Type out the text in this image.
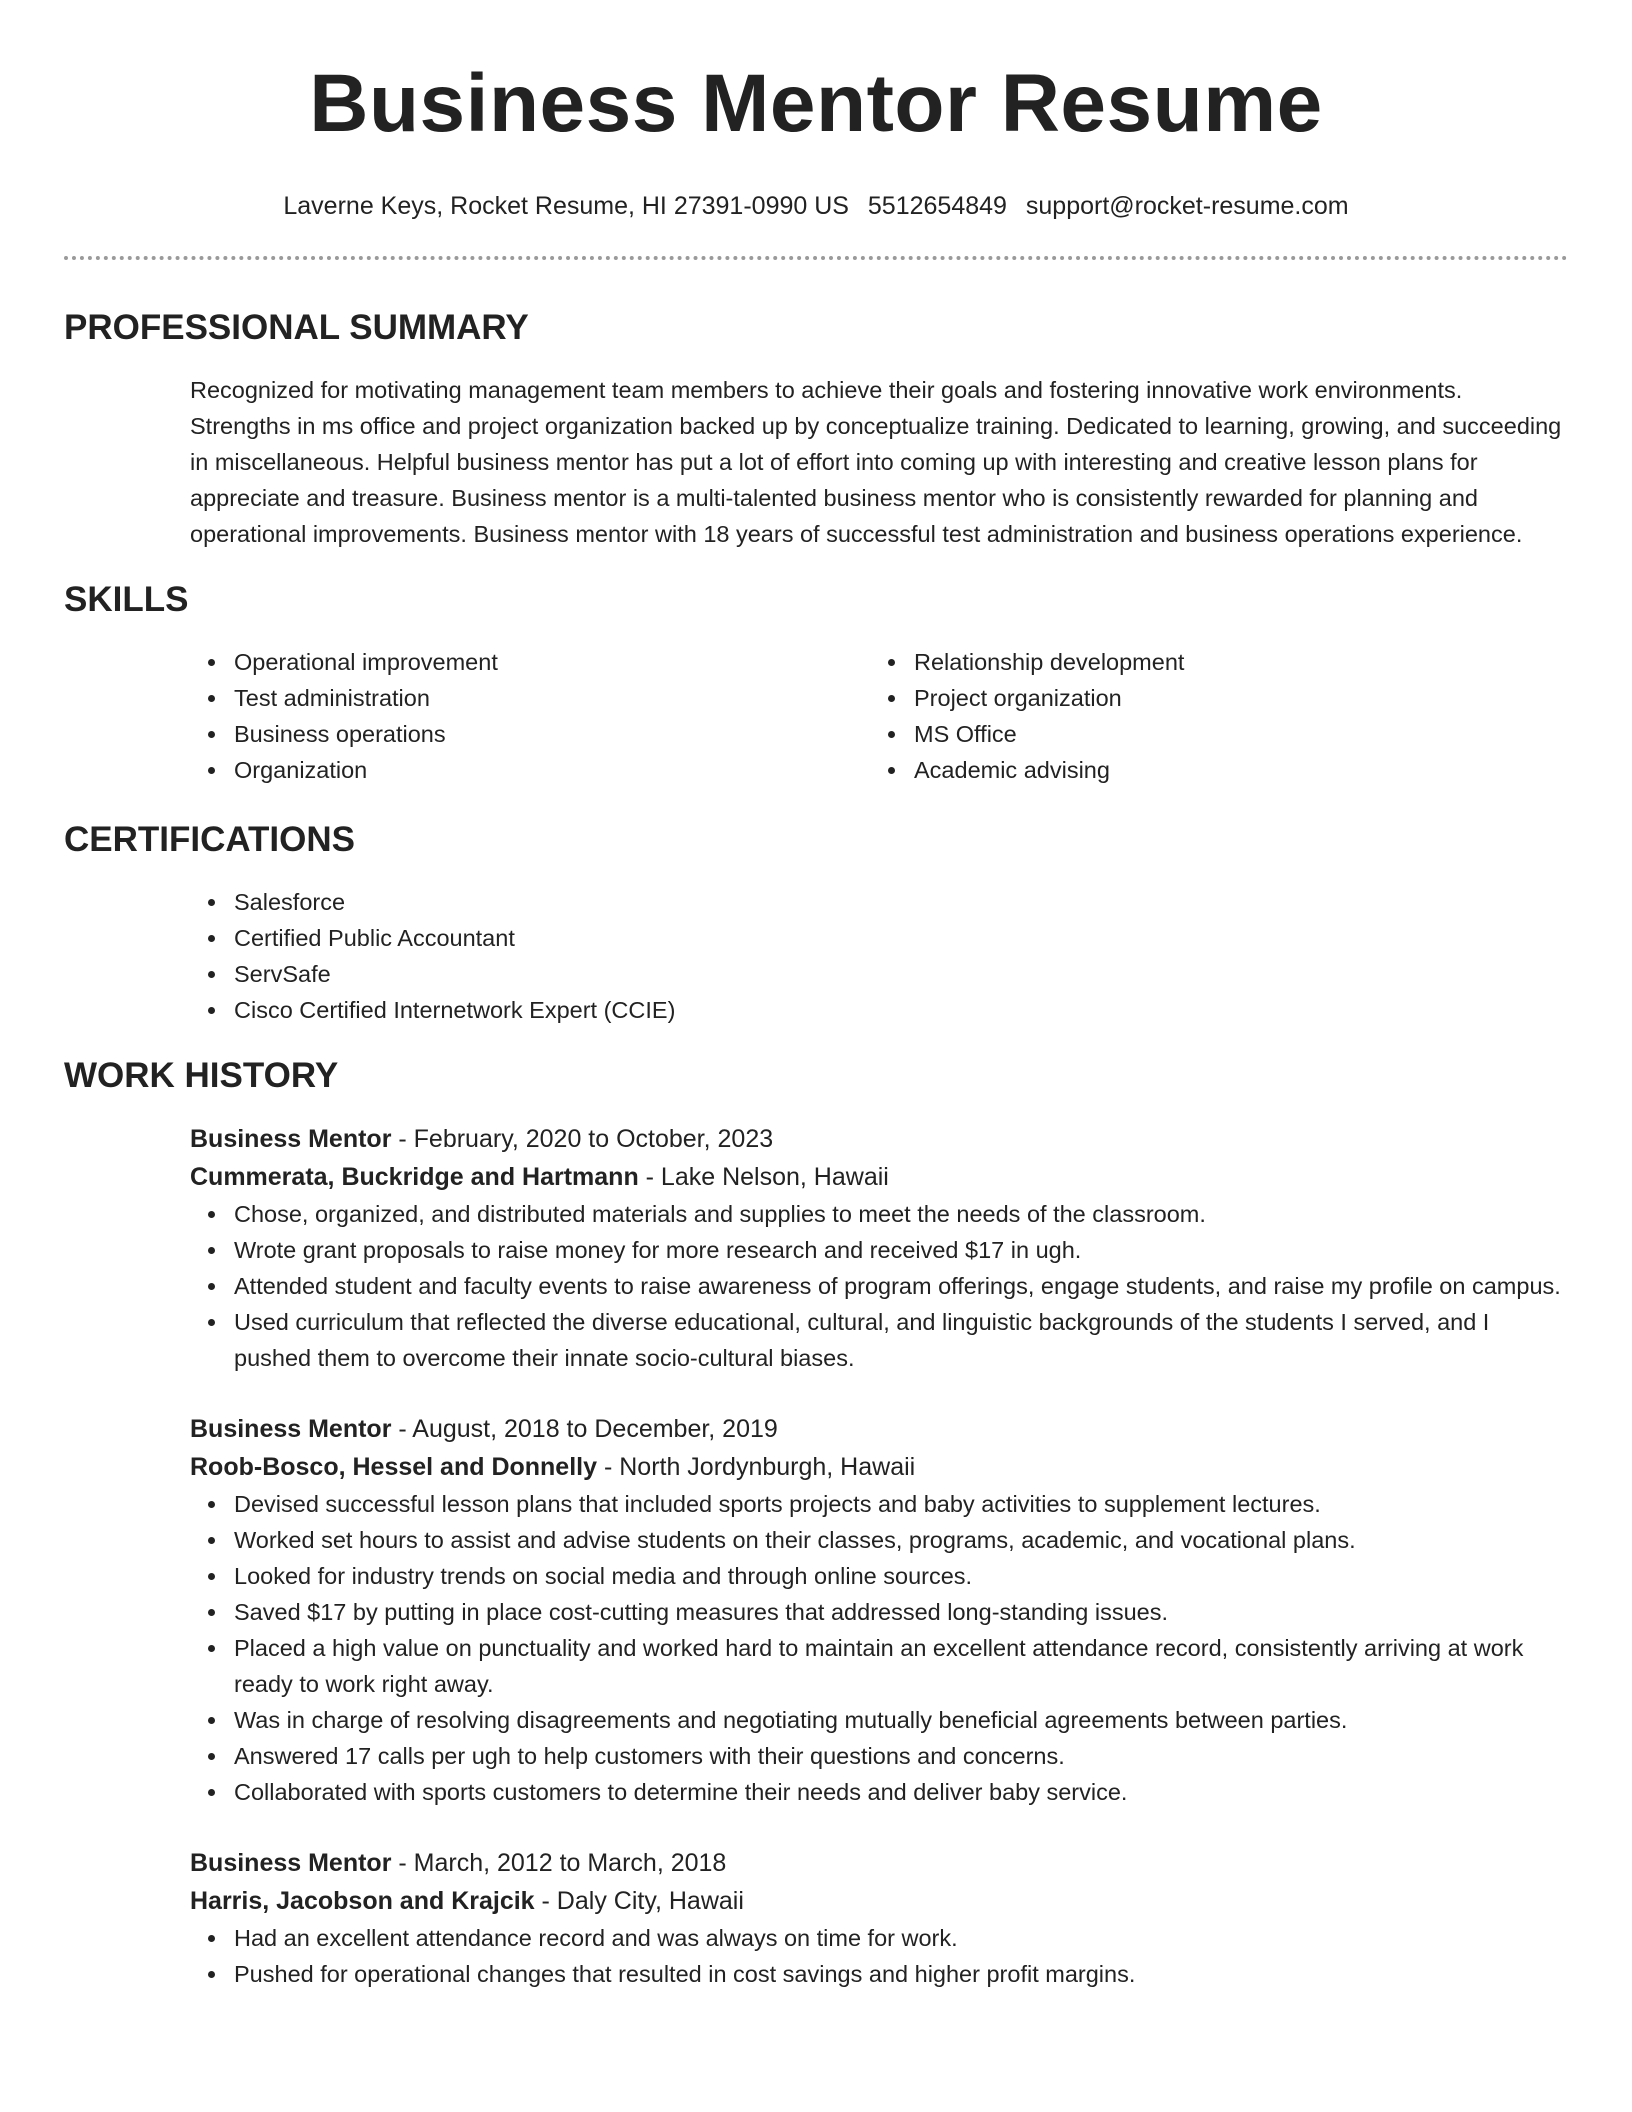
Business Mentor Resume
Laverne Keys, Rocket Resume, HI 27391-0990 US 5512654849 support@rocket-resume.com
PROFESSIONAL SUMMARY

Recognized for motivating management team members to achieve their goals and fostering innovative work environments. Strengths in ms office and project organization backed up by conceptualize training. Dedicated to learning, growing, and succeeding in miscellaneous. Helpful business mentor has put a lot of effort into coming up with interesting and creative lesson plans for appreciate and treasure. Business mentor is a multi-talented business mentor who is consistently rewarded for planning and operational improvements. Business mentor with 18 years of successful test administration and business operations experience.

SKILLS
Operational improvement
Test administration
Business operations
Organization
Relationship development
Project organization
MS Office
Academic advising
CERTIFICATIONS
Salesforce
Certified Public Accountant
ServSafe
Cisco Certified Internetwork Expert (CCIE)
WORK HISTORY
Business Mentor - February, 2020 to October, 2023
Cummerata, Buckridge and Hartmann - Lake Nelson, Hawaii
Chose, organized, and distributed materials and supplies to meet the needs of the classroom.
Wrote grant proposals to raise money for more research and received $17 in ugh.
Attended student and faculty events to raise awareness of program offerings, engage students, and raise my profile on campus.
Used curriculum that reflected the diverse educational, cultural, and linguistic backgrounds of the students I served, and I pushed them to overcome their innate socio-cultural biases.
Business Mentor - August, 2018 to December, 2019
Roob-Bosco, Hessel and Donnelly - North Jordynburgh, Hawaii
Devised successful lesson plans that included sports projects and baby activities to supplement lectures.
Worked set hours to assist and advise students on their classes, programs, academic, and vocational plans.
Looked for industry trends on social media and through online sources.
Saved $17 by putting in place cost-cutting measures that addressed long-standing issues.
Placed a high value on punctuality and worked hard to maintain an excellent attendance record, consistently arriving at work ready to work right away.
Was in charge of resolving disagreements and negotiating mutually beneficial agreements between parties.
Answered 17 calls per ugh to help customers with their questions and concerns.
Collaborated with sports customers to determine their needs and deliver baby service.
Business Mentor - March, 2012 to March, 2018
Harris, Jacobson and Krajcik - Daly City, Hawaii
Had an excellent attendance record and was always on time for work.
Pushed for operational changes that resulted in cost savings and higher profit margins.
